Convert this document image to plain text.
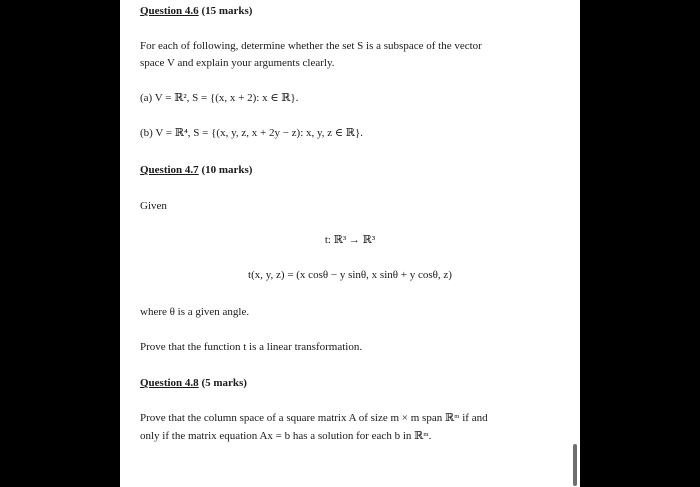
Question 4.6 (15 marks)
For each of following, determine whether the set S is a subspace of the vector
space V and explain your arguments clearly.
(a) V = ℝ², S = {(x, x + 2): x ∈ ℝ}.
(b) V = ℝ⁴, S = {(x, y, z, x + 2y − z): x, y, z ∈ ℝ}.
Question 4.7 (10 marks)
Given
t: ℝ³ → ℝ³
t(x, y, z) = (x cosθ − y sinθ, x sinθ + y cosθ, z)
where θ is a given angle.
Prove that the function t is a linear transformation.
Question 4.8 (5 marks)
Prove that the column space of a square matrix A of size m × m span ℝᵐ if and
only if the matrix equation Ax = b has a solution for each b in ℝᵐ.
